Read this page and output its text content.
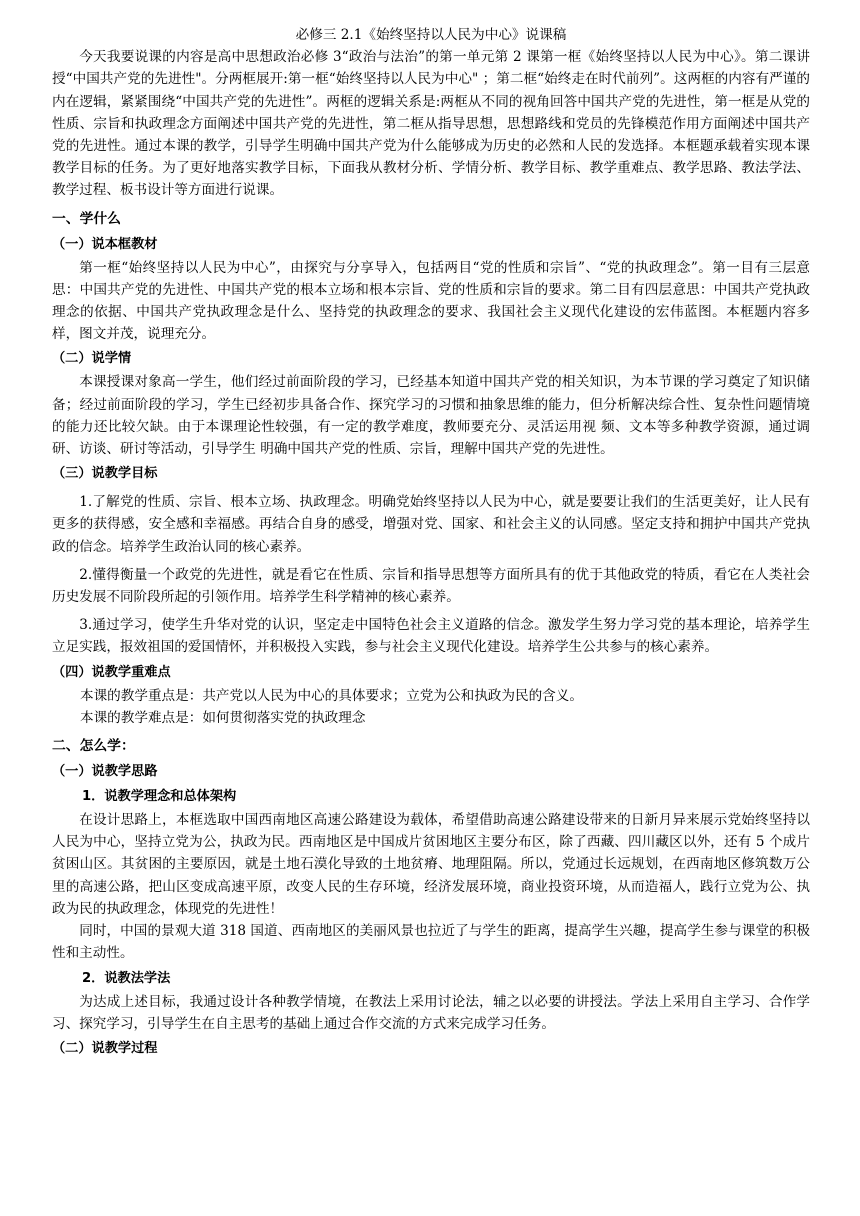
必修三 2.1《始终坚持以人民为中心》说课稿

今天我要说课的内容是高中思想政治必修 3“政治与法治”的第一单元第 2 课第一框《始终坚持以人民为中心》。第二课讲授“中国共产党的先进性"。分两框展开:第一框“始终坚持以人民为中心" ；第二框“始终走在时代前列”。这两框的内容有严谨的内在逻辑，紧紧围绕“中国共产党的先进性”。两框的逻辑关系是:两框从不同的视角回答中国共产党的先进性，第一框是从党的性质、宗旨和执政理念方面阐述中国共产党的先进性，第二框从指导思想，思想路线和党员的先锋模范作用方面阐述中国共产党的先进性。通过本课的教学，引导学生明确中国共产党为什么能够成为历史的必然和人民的发选择。本框题承载着实现本课教学目标的任务。为了更好地落实教学目标，下面我从教材分析、学情分析、教学目标、教学重难点、教学思路、教法学法、教学过程、板书设计等方面进行说课。

一、学什么
（一）说本框教材

第一框“始终坚持以人民为中心”，由探究与分享导入，包括两目“党的性质和宗旨”、“党的执政理念”。第一目有三层意思：中国共产党的先进性、中国共产党的根本立场和根本宗旨、党的性质和宗旨的要求。第二目有四层意思：中国共产党执政理念的依据、中国共产党执政理念是什么、坚持党的执政理念的要求、我国社会主义现代化建设的宏伟蓝图。本框题内容多样，图文并茂，说理充分。

（二）说学情

本课授课对象高一学生，他们经过前面阶段的学习，已经基本知道中国共产党的相关知识，为本节课的学习奠定了知识储备；经过前面阶段的学习，学生已经初步具备合作、探究学习的习惯和抽象思维的能力，但分析解决综合性、复杂性问题情境的能力还比较欠缺。由于本课理论性较强，有一定的教学难度，教师要充分、灵活运用视 频、文本等多种教学资源，通过调研、访谈、研讨等活动，引导学生 明确中国共产党的性质、宗旨，理解中国共产党的先进性。

（三）说教学目标

1.了解党的性质、宗旨、根本立场、执政理念。明确党始终坚持以人民为中心，就是要要让我们的生活更美好，让人民有更多的获得感，安全感和幸福感。再结合自身的感受，增强对党、国家、和社会主义的认同感。坚定支持和拥护中国共产党执政的信念。培养学生政治认同的核心素养。

2.懂得衡量一个政党的先进性，就是看它在性质、宗旨和指导思想等方面所具有的优于其他政党的特质，看它在人类社会历史发展不同阶段所起的引领作用。培养学生科学精神的核心素养。

3.通过学习，使学生升华对党的认识，坚定走中国特色社会主义道路的信念。激发学生努力学习党的基本理论，培养学生立足实践，报效祖国的爱国情怀，并积极投入实践，参与社会主义现代化建设。培养学生公共参与的核心素养。

（四）说教学重难点

本课的教学重点是：共产党以人民为中心的具体要求；立党为公和执政为民的含义。

本课的教学难点是：如何贯彻落实党的执政理念

二、怎么学：
（一）说教学思路
1．说教学理念和总体架构

在设计思路上，本框选取中国西南地区高速公路建设为载体，希望借助高速公路建设带来的日新月异来展示党始终坚持以人民为中心，坚持立党为公，执政为民。西南地区是中国成片贫困地区主要分布区，除了西藏、四川藏区以外，还有 5 个成片贫困山区。其贫困的主要原因，就是土地石漠化导致的土地贫瘠、地理阻隔。所以，党通过长远规划，在西南地区修筑数万公里的高速公路，把山区变成高速平原，改变人民的生存环境，经济发展环境，商业投资环境，从而造福人，践行立党为公、执政为民的执政理念，体现党的先进性！

同时，中国的景观大道 318 国道、西南地区的美丽风景也拉近了与学生的距离，提高学生兴趣，提高学生参与课堂的积极性和主动性。

2．说教法学法

为达成上述目标，我通过设计各种教学情境，在教法上采用讨论法，辅之以必要的讲授法。学法上采用自主学习、合作学习、探究学习，引导学生在自主思考的基础上通过合作交流的方式来完成学习任务。

（二）说教学过程
